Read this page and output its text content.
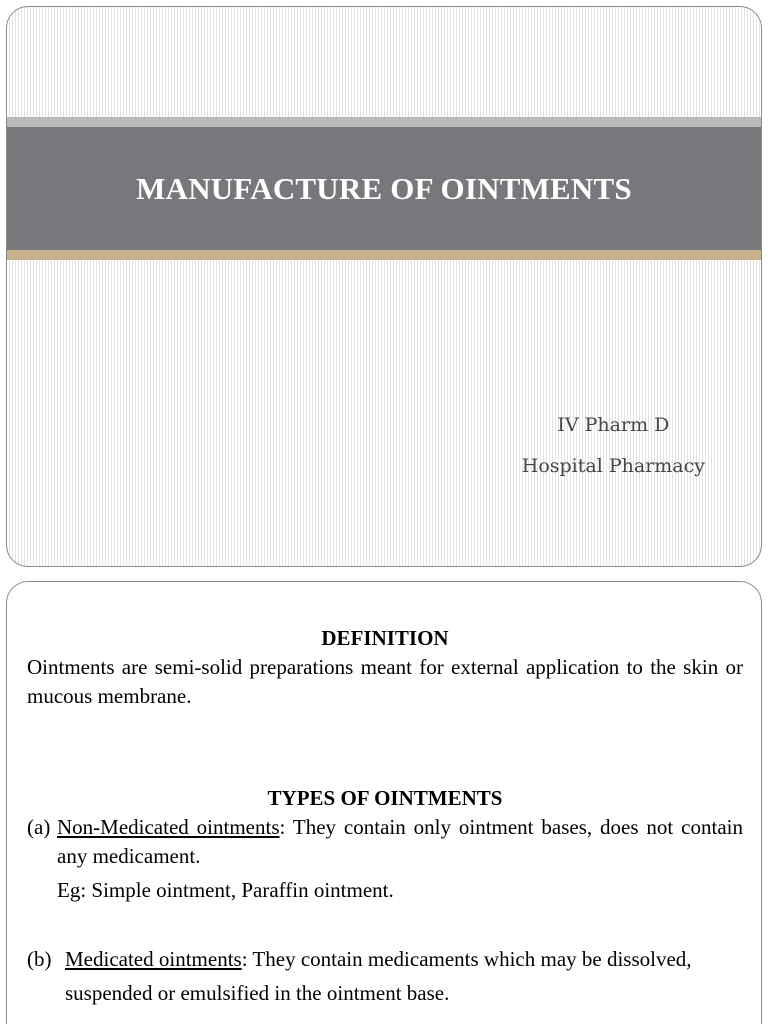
MANUFACTURE OF OINTMENTS
IV Pharm D
Hospital Pharmacy

DEFINITION

Ointments are semi-solid preparations meant for external application to the skin or mucous membrane.

TYPES OF OINTMENTS

(a) Non-Medicated ointments: They contain only ointment bases, does not contain any medicament.
Eg: Simple ointment, Paraffin ointment.
(b) Medicated ointments: They contain medicaments which may be dissolved, suspended or emulsified in the ointment base.
